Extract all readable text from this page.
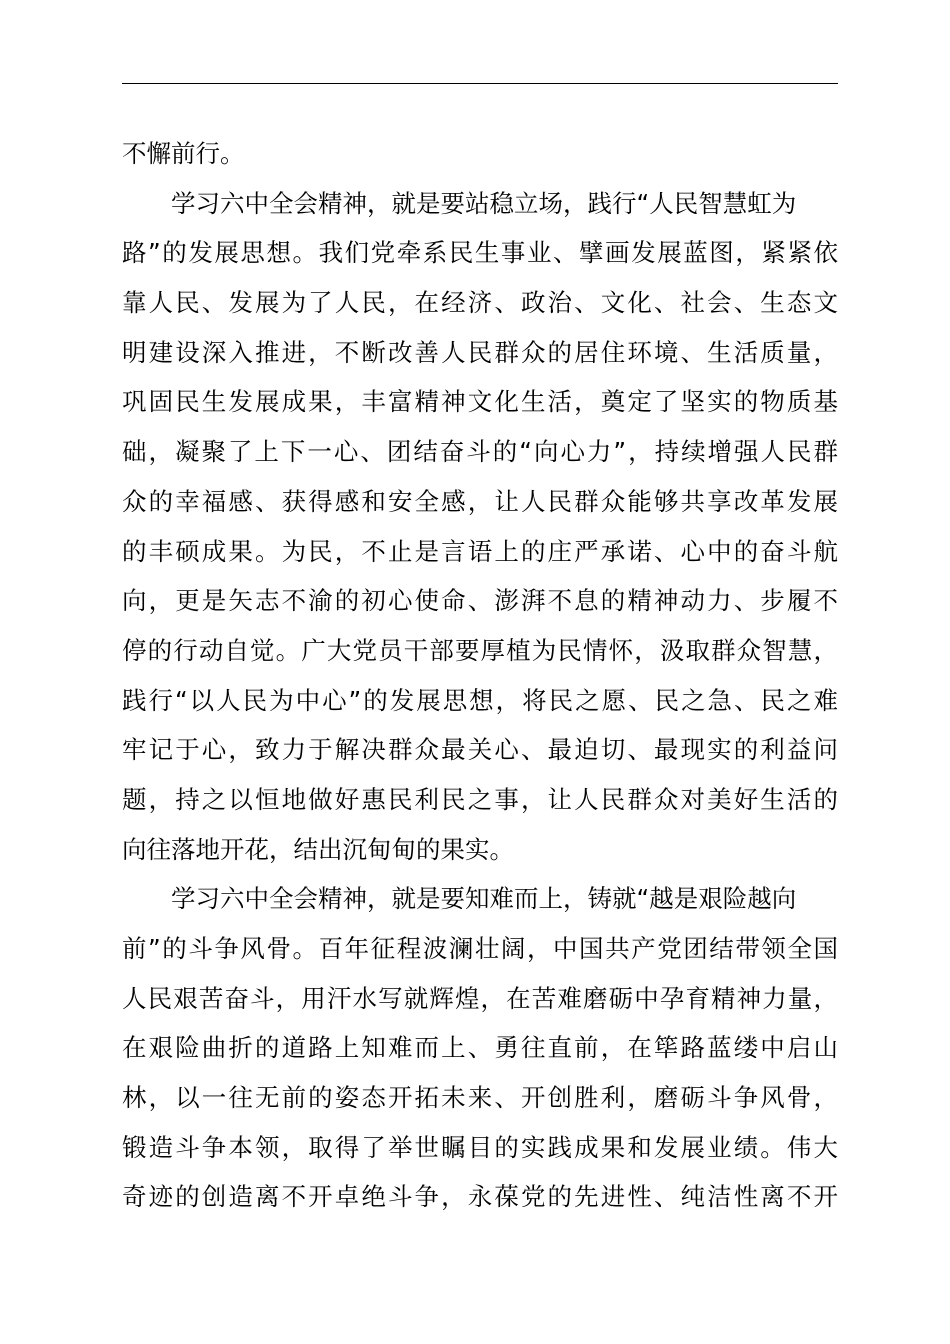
不懈前行。
学习六中全会精神，就是要站稳立场，践行“人民智慧虹为
路”的发展思想。我们党牵系民生事业、擘画发展蓝图，紧紧依
靠人民、发展为了人民，在经济、政治、文化、社会、生态文
明建设深入推进，不断改善人民群众的居住环境、生活质量，
巩固民生发展成果，丰富精神文化生活，奠定了坚实的物质基
础，凝聚了上下一心、团结奋斗的“向心力”，持续增强人民群
众的幸福感、获得感和安全感，让人民群众能够共享改革发展
的丰硕成果。为民，不止是言语上的庄严承诺、心中的奋斗航
向，更是矢志不渝的初心使命、澎湃不息的精神动力、步履不
停的行动自觉。广大党员干部要厚植为民情怀，汲取群众智慧，
践行“以人民为中心”的发展思想，将民之愿、民之急、民之难
牢记于心，致力于解决群众最关心、最迫切、最现实的利益问
题，持之以恒地做好惠民利民之事，让人民群众对美好生活的
向往落地开花，结出沉甸甸的果实。
学习六中全会精神，就是要知难而上，铸就“越是艰险越向
前”的斗争风骨。百年征程波澜壮阔，中国共产党团结带领全国
人民艰苦奋斗，用汗水写就辉煌，在苦难磨砺中孕育精神力量，
在艰险曲折的道路上知难而上、勇往直前，在筚路蓝缕中启山
林，以一往无前的姿态开拓未来、开创胜利，磨砺斗争风骨，
锻造斗争本领，取得了举世瞩目的实践成果和发展业绩。伟大
奇迹的创造离不开卓绝斗争，永葆党的先进性、纯洁性离不开
